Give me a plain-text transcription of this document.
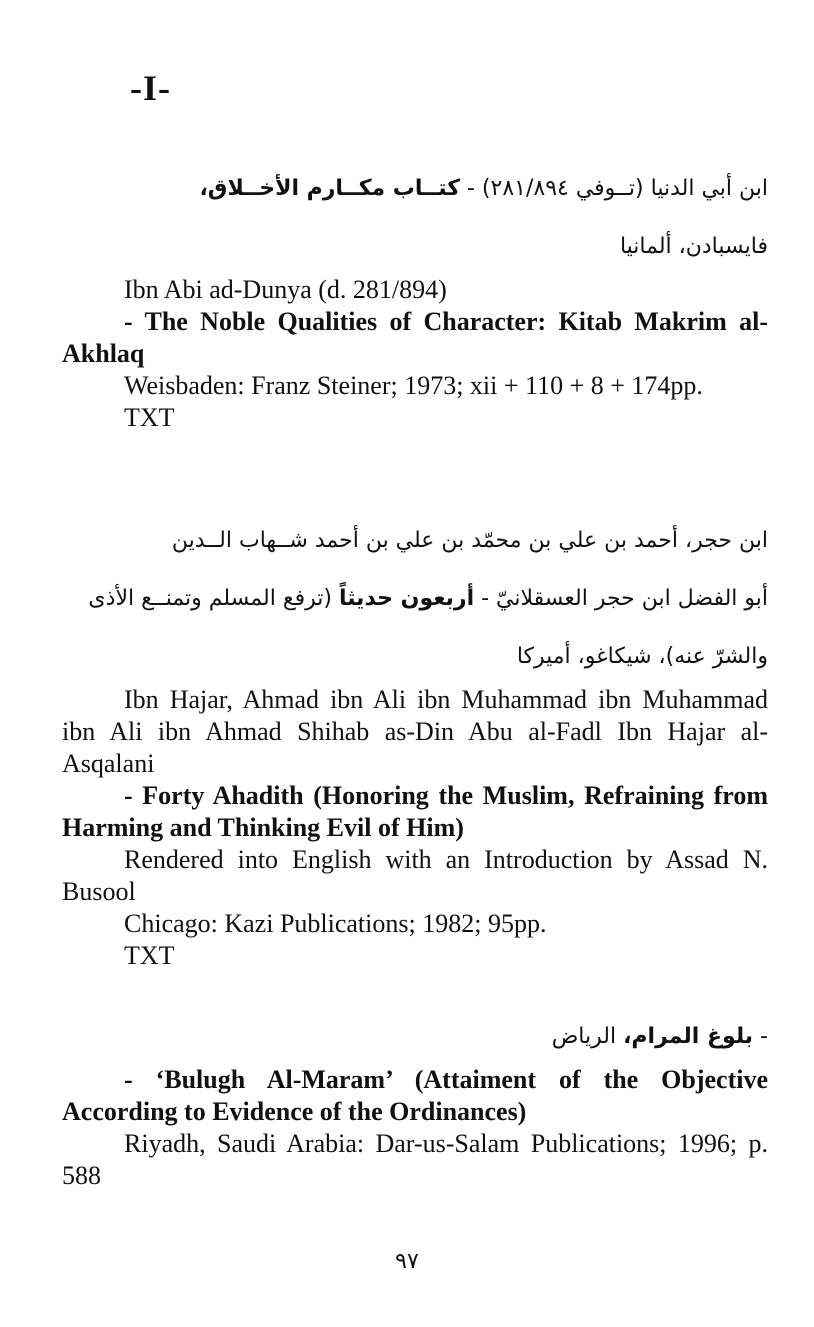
-I-

ابن أبي الدنيا (تــوفي ٢٨١/٨٩٤) - كتــاب مكــارم الأخــلاق،

فايسبادن، ألمانيا

Ibn Abi ad-Dunya (d. 281/894)

- The Noble Qualities of Character: Kitab Makrim al-Akhlaq

Weisbaden: Franz Steiner; 1973; xii + 110 + 8 + 174pp.

TXT

ابن حجر، أحمد بن علي بن محمّد بن علي بن أحمد شــهاب الــدين

أبو الفضل ابن حجر العسقلانيّ - أربعون حديثاً (ترفع المسلم وتمنــع الأذى

والشرّ عنه)، شيكاغو، أميركا

Ibn Hajar, Ahmad ibn Ali ibn Muhammad ibn Muhammad ibn Ali ibn Ahmad Shihab as-Din Abu al-Fadl Ibn Hajar al-Asqalani

- Forty Ahadith (Honoring the Muslim, Refraining from Harming and Thinking Evil of Him)

Rendered into English with an Introduction by Assad N. Busool

Chicago: Kazi Publications; 1982; 95pp.

TXT

- بلوغ المرام، الرياض

- ‘Bulugh Al-Maram’ (Attaiment of the Objective According to Evidence of the Ordinances)

Riyadh, Saudi Arabia: Dar-us-Salam Publications; 1996; p. 588

٩٧
